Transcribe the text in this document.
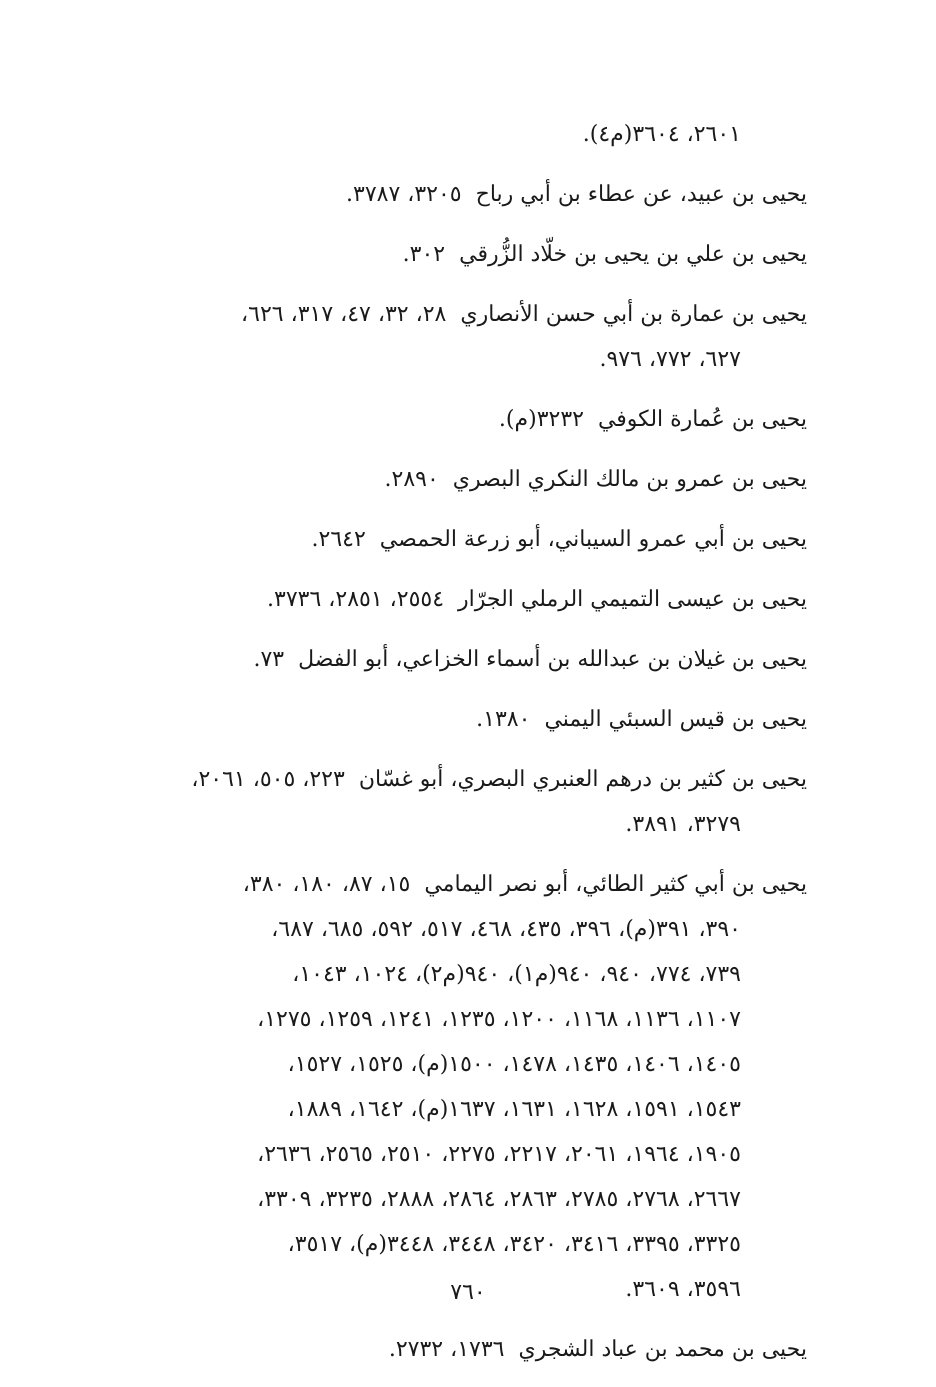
٢٦٠١، ٣٦٠٤(م٤).
يحيى بن عبيد، عن عطاء بن أبي رباح٣٢٠٥، ٣٧٨٧.
يحيى بن علي بن يحيى بن خلّاد الزُّرقي٣٠٢.
يحيى بن عمارة بن أبي حسن الأنصاري٢٨، ٣٢، ٤٧، ٣١٧، ٦٢٦،
٦٢٧، ٧٧٢، ٩٧٦.
يحيى بن عُمارة الكوفي٣٢٣٢(م).
يحيى بن عمرو بن مالك النكري البصري٢٨٩٠.
يحيى بن أبي عمرو السيباني، أبو زرعة الحمصي٢٦٤٢.
يحيى بن عيسى التميمي الرملي الجرّار٢٥٥٤، ٢٨٥١، ٣٧٣٦.
يحيى بن غيلان بن عبدالله بن أسماء الخزاعي، أبو الفضل٧٣.
يحيى بن قيس السبئي اليمني١٣٨٠.
يحيى بن كثير بن درهم العنبري البصري، أبو غسّان٢٢٣، ٥٠٥، ٢٠٦١،
٣٢٧٩، ٣٨٩١.
يحيى بن أبي كثير الطائي، أبو نصر اليمامي١٥، ٨٧، ١٨٠، ٣٨٠،
٣٩٠، ٣٩١(م)، ٣٩٦، ٤٣٥، ٤٦٨، ٥١٧، ٥٩٢، ٦٨٥، ٦٨٧،
٧٣٩، ٧٧٤، ٩٤٠، ٩٤٠(م١)، ٩٤٠(م٢)، ١٠٢٤، ١٠٤٣،
١١٠٧، ١١٣٦، ١١٦٨، ١٢٠٠، ١٢٣٥، ١٢٤١، ١٢٥٩، ١٢٧٥،
١٤٠٥، ١٤٠٦، ١٤٣٥، ١٤٧٨، ١٥٠٠(م)، ١٥٢٥، ١٥٢٧،
١٥٤٣، ١٥٩١، ١٦٢٨، ١٦٣١، ١٦٣٧(م)، ١٦٤٢، ١٨٨٩،
١٩٠٥، ١٩٦٤، ٢٠٦١، ٢٢١٧، ٢٢٧٥، ٢٥١٠، ٢٥٦٥، ٢٦٣٦،
٢٦٦٧، ٢٧٦٨، ٢٧٨٥، ٢٨٦٣، ٢٨٦٤، ٢٨٨٨، ٣٢٣٥، ٣٣٠٩،
٣٣٢٥، ٣٣٩٥، ٣٤١٦، ٣٤٢٠، ٣٤٤٨، ٣٤٤٨(م)، ٣٥١٧،
٣٥٩٦، ٣٦٠٩.
يحيى بن محمد بن عباد الشجري١٧٣٦، ٢٧٣٢.
٧٦٠
